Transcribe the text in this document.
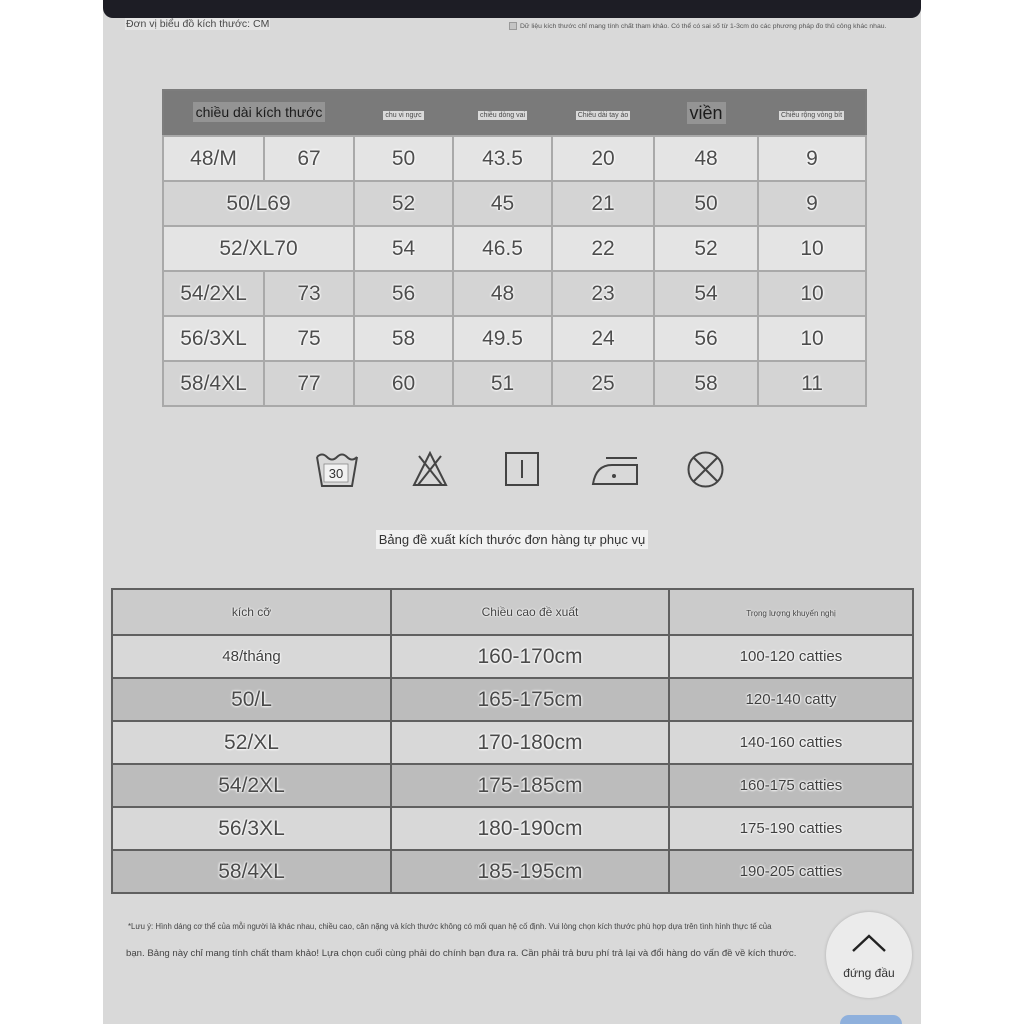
Đơn vị biểu đồ kích thước: CM	Dữ liệu kích thước chỉ mang tính chất tham khảo. Có thể có sai số từ 1-3cm do các phương pháp đo thủ công khác nhau.
chiều dài kích thước		chu vi ngực	chiều dòng vai	Chiều dài tay áo	viền	Chiều rộng vòng bít
48/M	67	50	43.5	20	48	9
50/L69		52	45	21	50	9
52/XL70		54	46.5	22	52	10
54/2XL	73	56	48	23	54	10
56/3XL	75	58	49.5	24	56	10
58/4XL	77	60	51	25	58	11
30
Bảng đề xuất kích thước đơn hàng tự phục vụ
kích cỡ	Chiều cao đề xuất	Trọng lượng khuyến nghị
48/tháng	160-170cm	100-120 catties
50/L	165-175cm	120-140 catty
52/XL	170-180cm	140-160 catties
54/2XL	175-185cm	160-175 catties
56/3XL	180-190cm	175-190 catties
58/4XL	185-195cm	190-205 catties
*Lưu ý: Hình dáng cơ thể của mỗi người là khác nhau, chiều cao, cân nặng và kích thước không có mối quan hệ cố định. Vui lòng chọn kích thước phù hợp dựa trên tình hình thực tế của
bạn. Bảng này chỉ mang tính chất tham khảo! Lựa chọn cuối cùng phải do chính bạn đưa ra. Cần phải trả bưu phí trả lại và đổi hàng do vấn đề về kích thước.
đứng đầu
